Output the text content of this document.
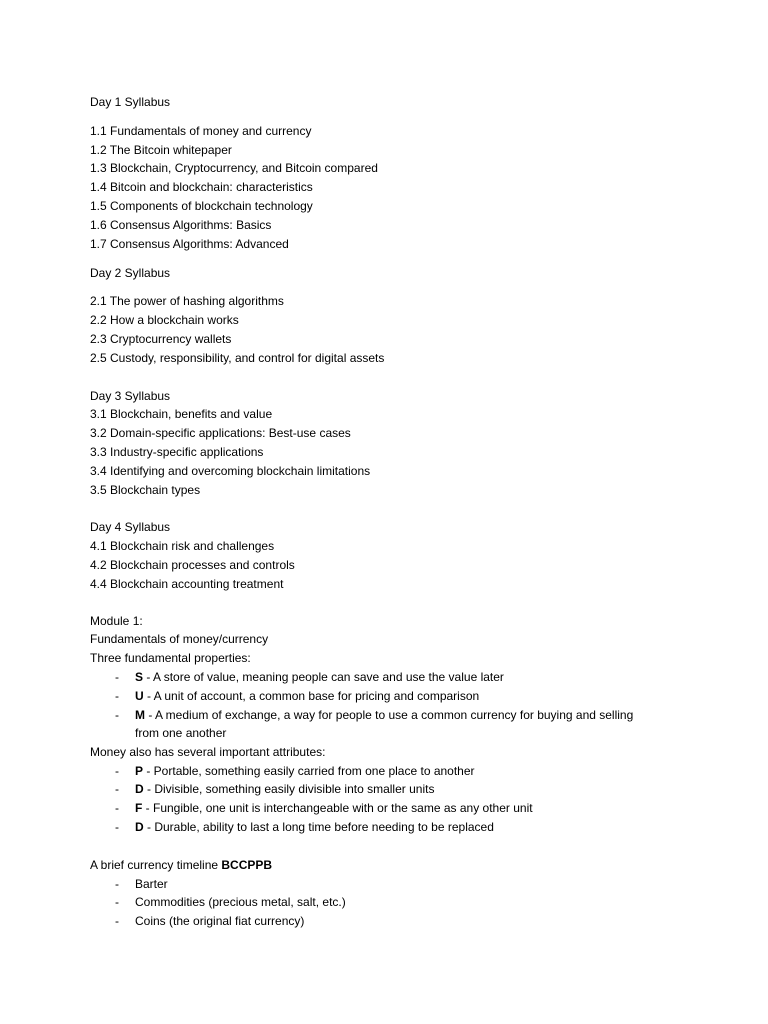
Day 1 Syllabus
1.1 Fundamentals of money and currency
1.2 The Bitcoin whitepaper
1.3 Blockchain, Cryptocurrency, and Bitcoin compared
1.4 Bitcoin and blockchain: characteristics
1.5 Components of blockchain technology
1.6 Consensus Algorithms: Basics
1.7 Consensus Algorithms: Advanced
Day 2 Syllabus
2.1 The power of hashing algorithms
2.2 How a blockchain works
2.3 Cryptocurrency wallets
2.5 Custody, responsibility, and control for digital assets
Day 3 Syllabus
3.1 Blockchain, benefits and value
3.2 Domain-specific applications: Best-use cases
3.3 Industry-specific applications
3.4 Identifying and overcoming blockchain limitations
3.5 Blockchain types
Day 4 Syllabus
4.1 Blockchain risk and challenges
4.2 Blockchain processes and controls
4.4 Blockchain accounting treatment
Module 1:
Fundamentals of money/currency
Three fundamental properties:
- S - A store of value, meaning people can save and use the value later
- U - A unit of account, a common base for pricing and comparison
- M - A medium of exchange, a way for people to use a common currency for buying and selling
from one another
Money also has several important attributes:
- P - Portable, something easily carried from one place to another
- D - Divisible, something easily divisible into smaller units
- F - Fungible, one unit is interchangeable with or the same as any other unit
- D - Durable, ability to last a long time before needing to be replaced
A brief currency timeline BCCPPB
- Barter
- Commodities (precious metal, salt, etc.)
- Coins (the original fiat currency)
